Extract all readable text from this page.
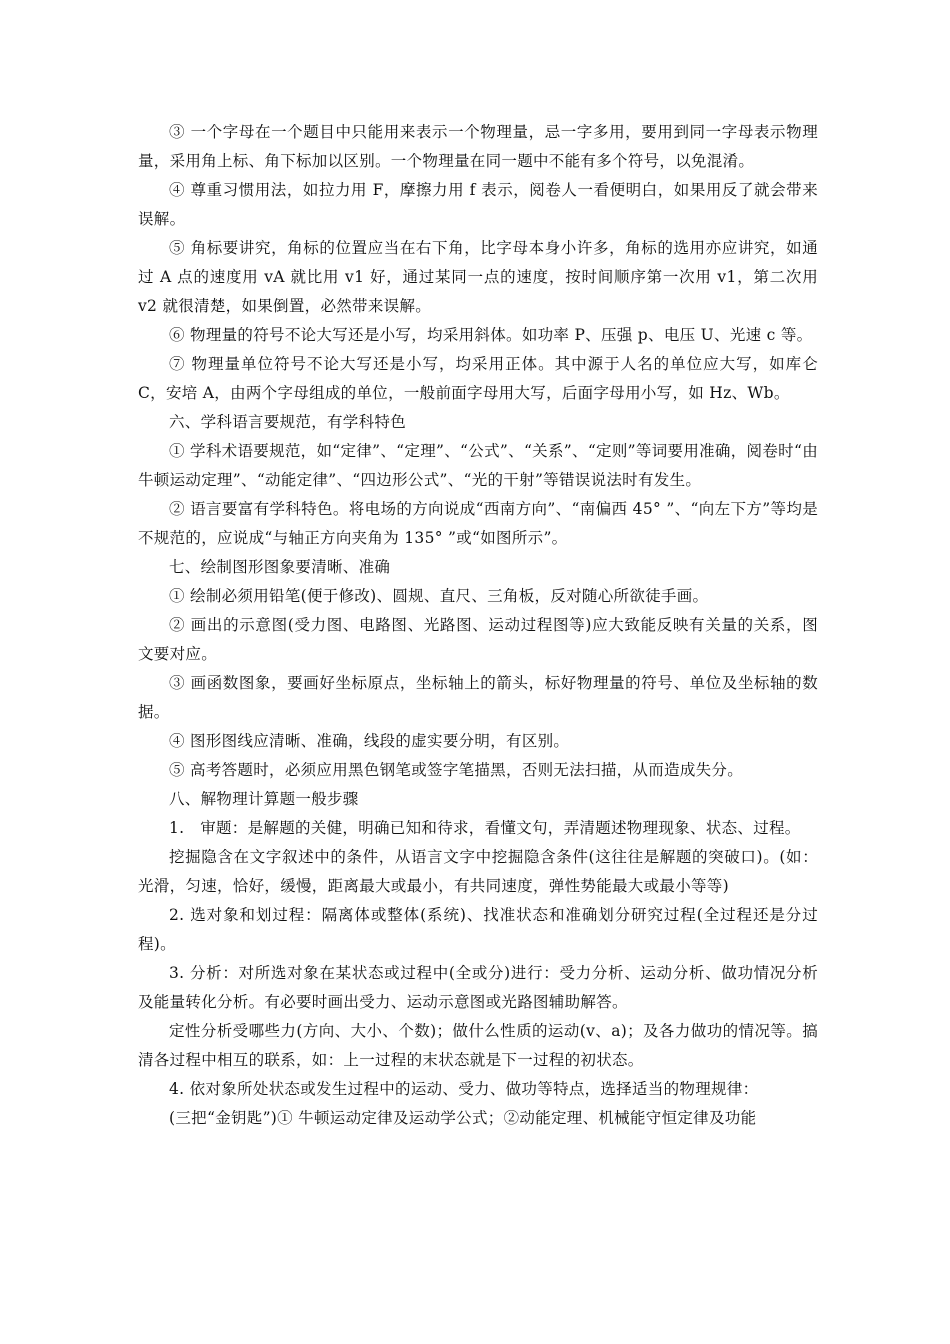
③ 一个字母在一个题目中只能用来表示一个物理量，忌一字多用，要用到同一字母表示物理量，采用角上标、角下标加以区别。一个物理量在同一题中不能有多个符号，以免混淆。

④ 尊重习惯用法，如拉力用 F，摩擦力用 f 表示，阅卷人一看便明白，如果用反了就会带来误解。

⑤ 角标要讲究，角标的位置应当在右下角，比字母本身小许多，角标的选用亦应讲究，如通过 A 点的速度用 vA 就比用 v1 好，通过某同一点的速度，按时间顺序第一次用 v1，第二次用 v2 就很清楚，如果倒置，必然带来误解。

⑥ 物理量的符号不论大写还是小写，均采用斜体。如功率 P、压强 p、电压 U、光速 c 等。

⑦ 物理量单位符号不论大写还是小写，均采用正体。其中源于人名的单位应大写，如库仑 C，安培 A，由两个字母组成的单位，一般前面字母用大写，后面字母用小写，如 Hz、Wb。

六、学科语言要规范，有学科特色

① 学科术语要规范，如“定律”、“定理”、“公式”、“关系”、“定则”等词要用准确，阅卷时“由牛顿运动定理”、“动能定律”、“四边形公式”、“光的干射”等错误说法时有发生。

② 语言要富有学科特色。将电场的方向说成“西南方向”、“南偏西 45° ”、“向左下方”等均是不规范的，应说成“与轴正方向夹角为 135° ”或“如图所示”。

七、绘制图形图象要清晰、准确

① 绘制必须用铅笔(便于修改)、圆规、直尺、三角板，反对随心所欲徒手画。

② 画出的示意图(受力图、电路图、光路图、运动过程图等)应大致能反映有关量的关系，图文要对应。

③ 画函数图象，要画好坐标原点，坐标轴上的箭头，标好物理量的符号、单位及坐标轴的数据。

④ 图形图线应清晰、准确，线段的虚实要分明，有区别。

⑤ 高考答题时，必须应用黑色钢笔或签字笔描黑，否则无法扫描，从而造成失分。

八、解物理计算题一般步骤

1.　审题：是解题的关健，明确已知和待求，看懂文句，弄清题述物理现象、状态、过程。

挖掘隐含在文字叙述中的条件，从语言文字中挖掘隐含条件(这往往是解题的突破口)。(如：光滑，匀速，恰好，缓慢，距离最大或最小，有共同速度，弹性势能最大或最小等等)

2. 选对象和划过程：隔离体或整体(系统)、找准状态和准确划分研究过程(全过程还是分过程)。

3. 分析：对所选对象在某状态或过程中(全或分)进行：受力分析、运动分析、做功情况分析及能量转化分析。有必要时画出受力、运动示意图或光路图辅助解答。

定性分析受哪些力(方向、大小、个数)；做什么性质的运动(v、a)；及各力做功的情况等。搞清各过程中相互的联系，如：上一过程的末状态就是下一过程的初状态。

4. 依对象所处状态或发生过程中的运动、受力、做功等特点，选择适当的物理规律：

(三把“金钥匙”)① 牛顿运动定律及运动学公式；②动能定理、机械能守恒定律及功能
